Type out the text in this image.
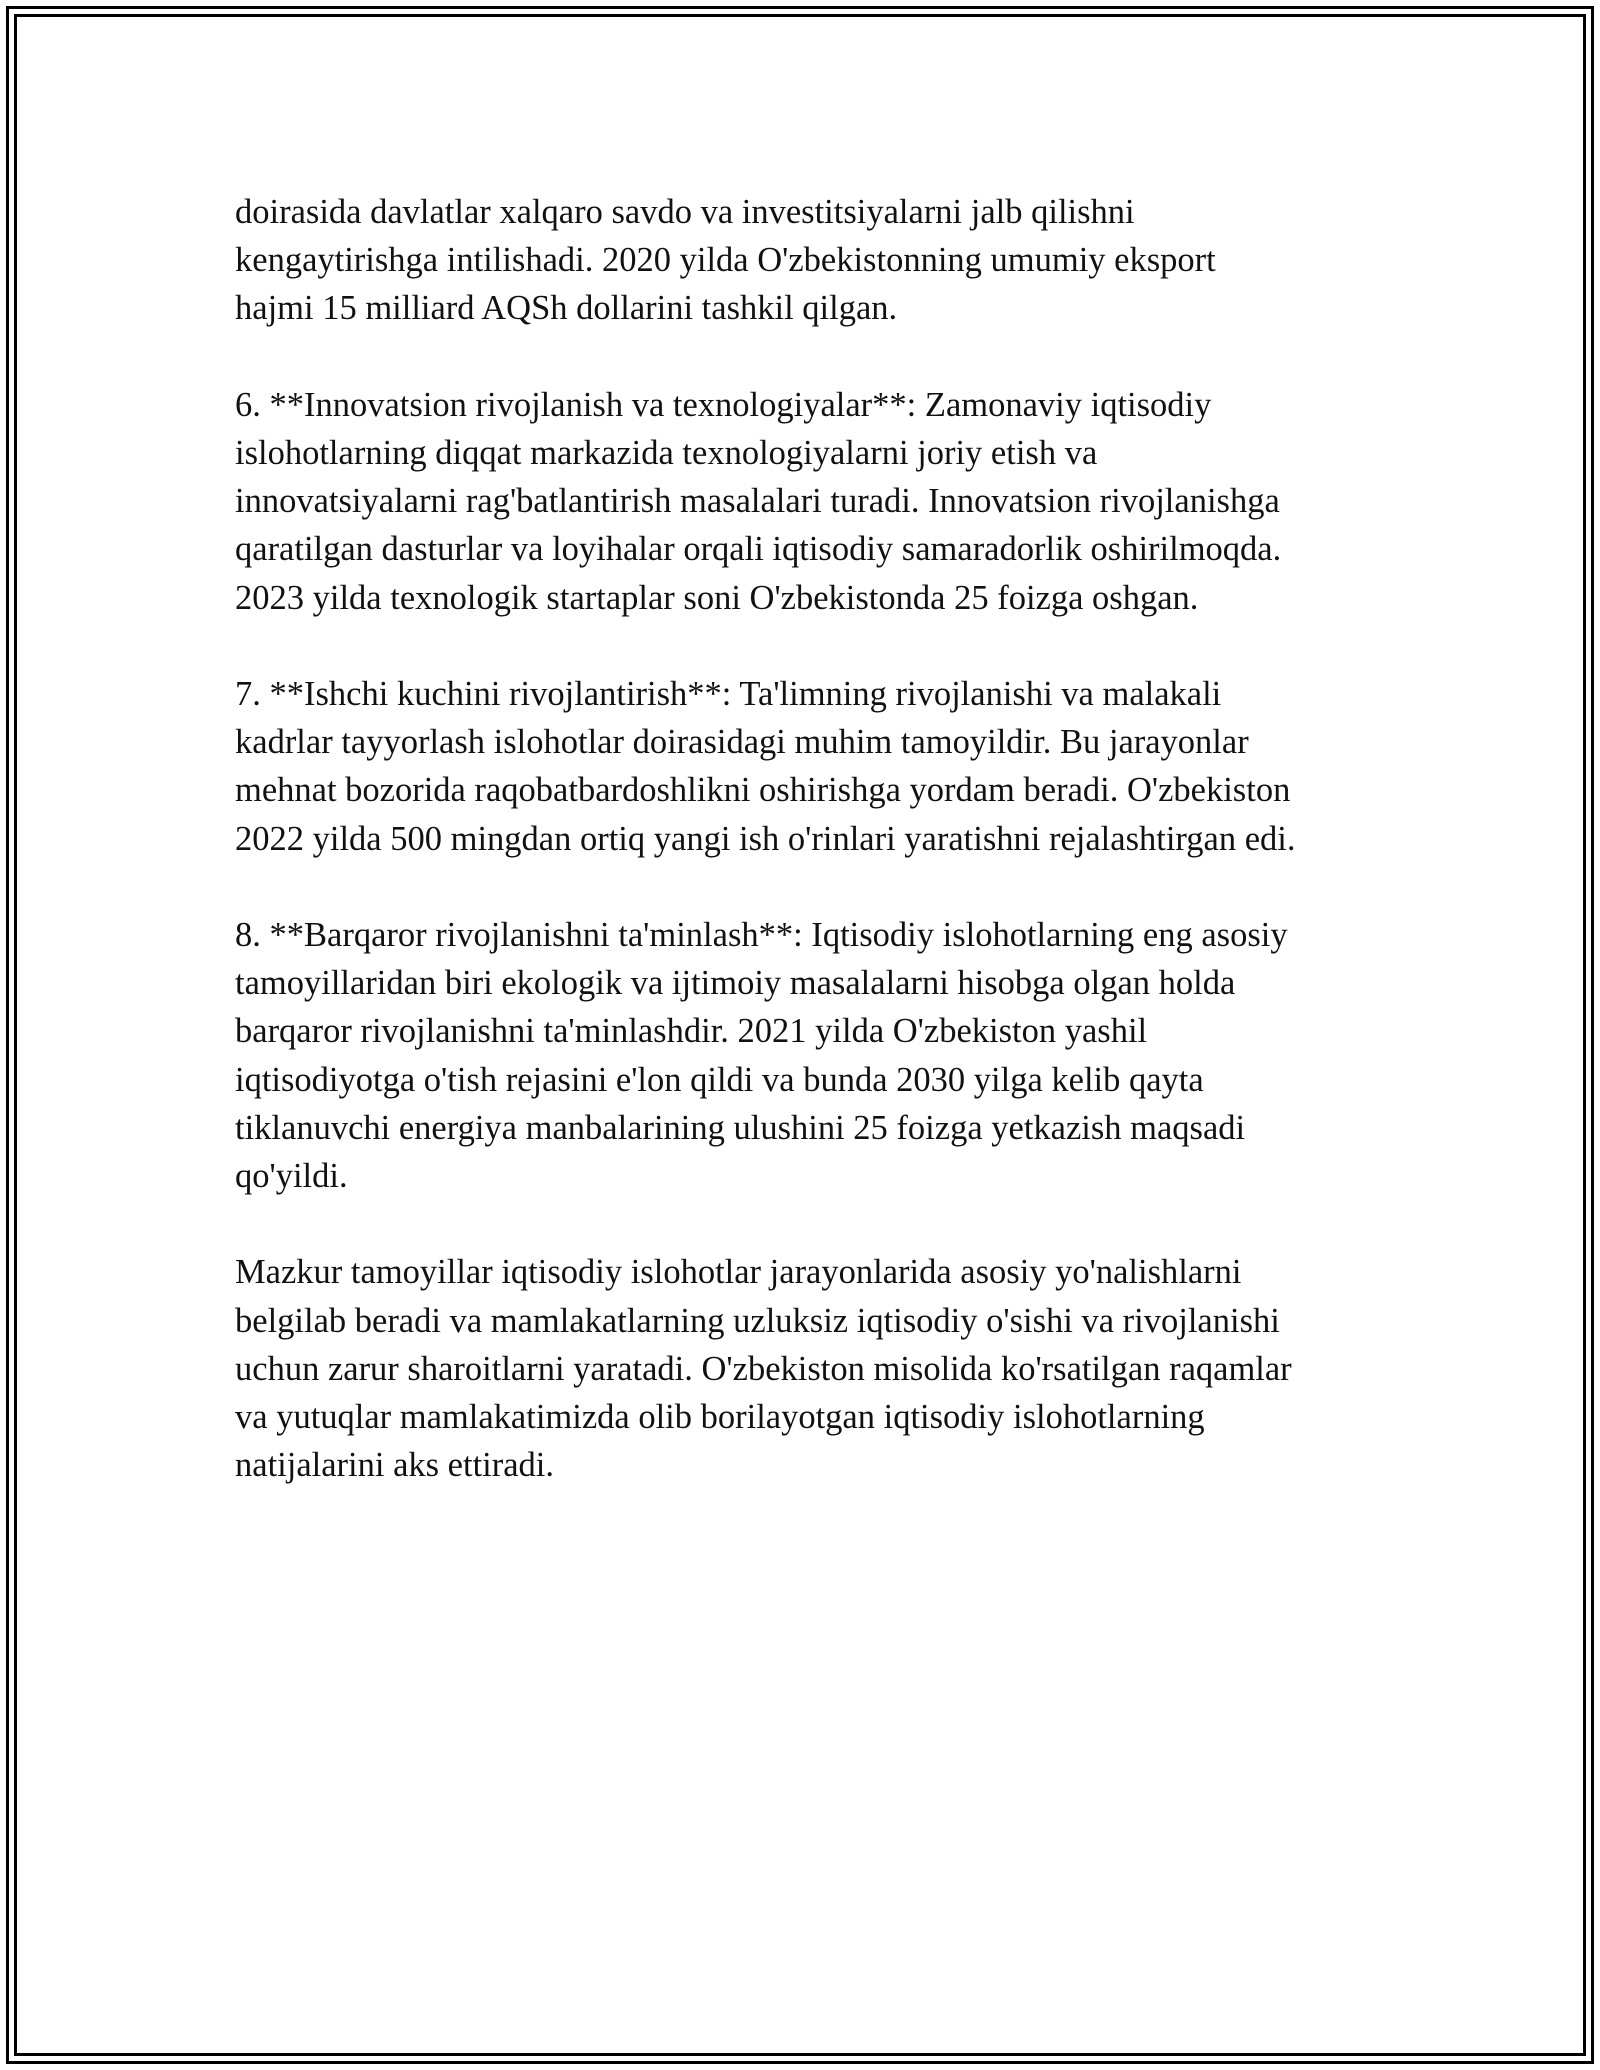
doirasida davlatlar xalqaro savdo va investitsiyalarni jalb qilishni
kengaytirishga intilishadi. 2020 yilda O'zbekistonning umumiy eksport
hajmi 15 milliard AQSh dollarini tashkil qilgan.

6. **Innovatsion rivojlanish va texnologiyalar**: Zamonaviy iqtisodiy
islohotlarning diqqat markazida texnologiyalarni joriy etish va
innovatsiyalarni rag'batlantirish masalalari turadi. Innovatsion rivojlanishga
qaratilgan dasturlar va loyihalar orqali iqtisodiy samaradorlik oshirilmoqda.
2023 yilda texnologik startaplar soni O'zbekistonda 25 foizga oshgan.

7. **Ishchi kuchini rivojlantirish**: Ta'limning rivojlanishi va malakali
kadrlar tayyorlash islohotlar doirasidagi muhim tamoyildir. Bu jarayonlar
mehnat bozorida raqobatbardoshlikni oshirishga yordam beradi. O'zbekiston
2022 yilda 500 mingdan ortiq yangi ish o'rinlari yaratishni rejalashtirgan edi.

8. **Barqaror rivojlanishni ta'minlash**: Iqtisodiy islohotlarning eng asosiy
tamoyillaridan biri ekologik va ijtimoiy masalalarni hisobga olgan holda
barqaror rivojlanishni ta'minlashdir. 2021 yilda O'zbekiston yashil
iqtisodiyotga o'tish rejasini e'lon qildi va bunda 2030 yilga kelib qayta
tiklanuvchi energiya manbalarining ulushini 25 foizga yetkazish maqsadi
qo'yildi.

Mazkur tamoyillar iqtisodiy islohotlar jarayonlarida asosiy yo'nalishlarni
belgilab beradi va mamlakatlarning uzluksiz iqtisodiy o'sishi va rivojlanishi
uchun zarur sharoitlarni yaratadi. O'zbekiston misolida ko'rsatilgan raqamlar
va yutuqlar mamlakatimizda olib borilayotgan iqtisodiy islohotlarning
natijalarini aks ettiradi.
